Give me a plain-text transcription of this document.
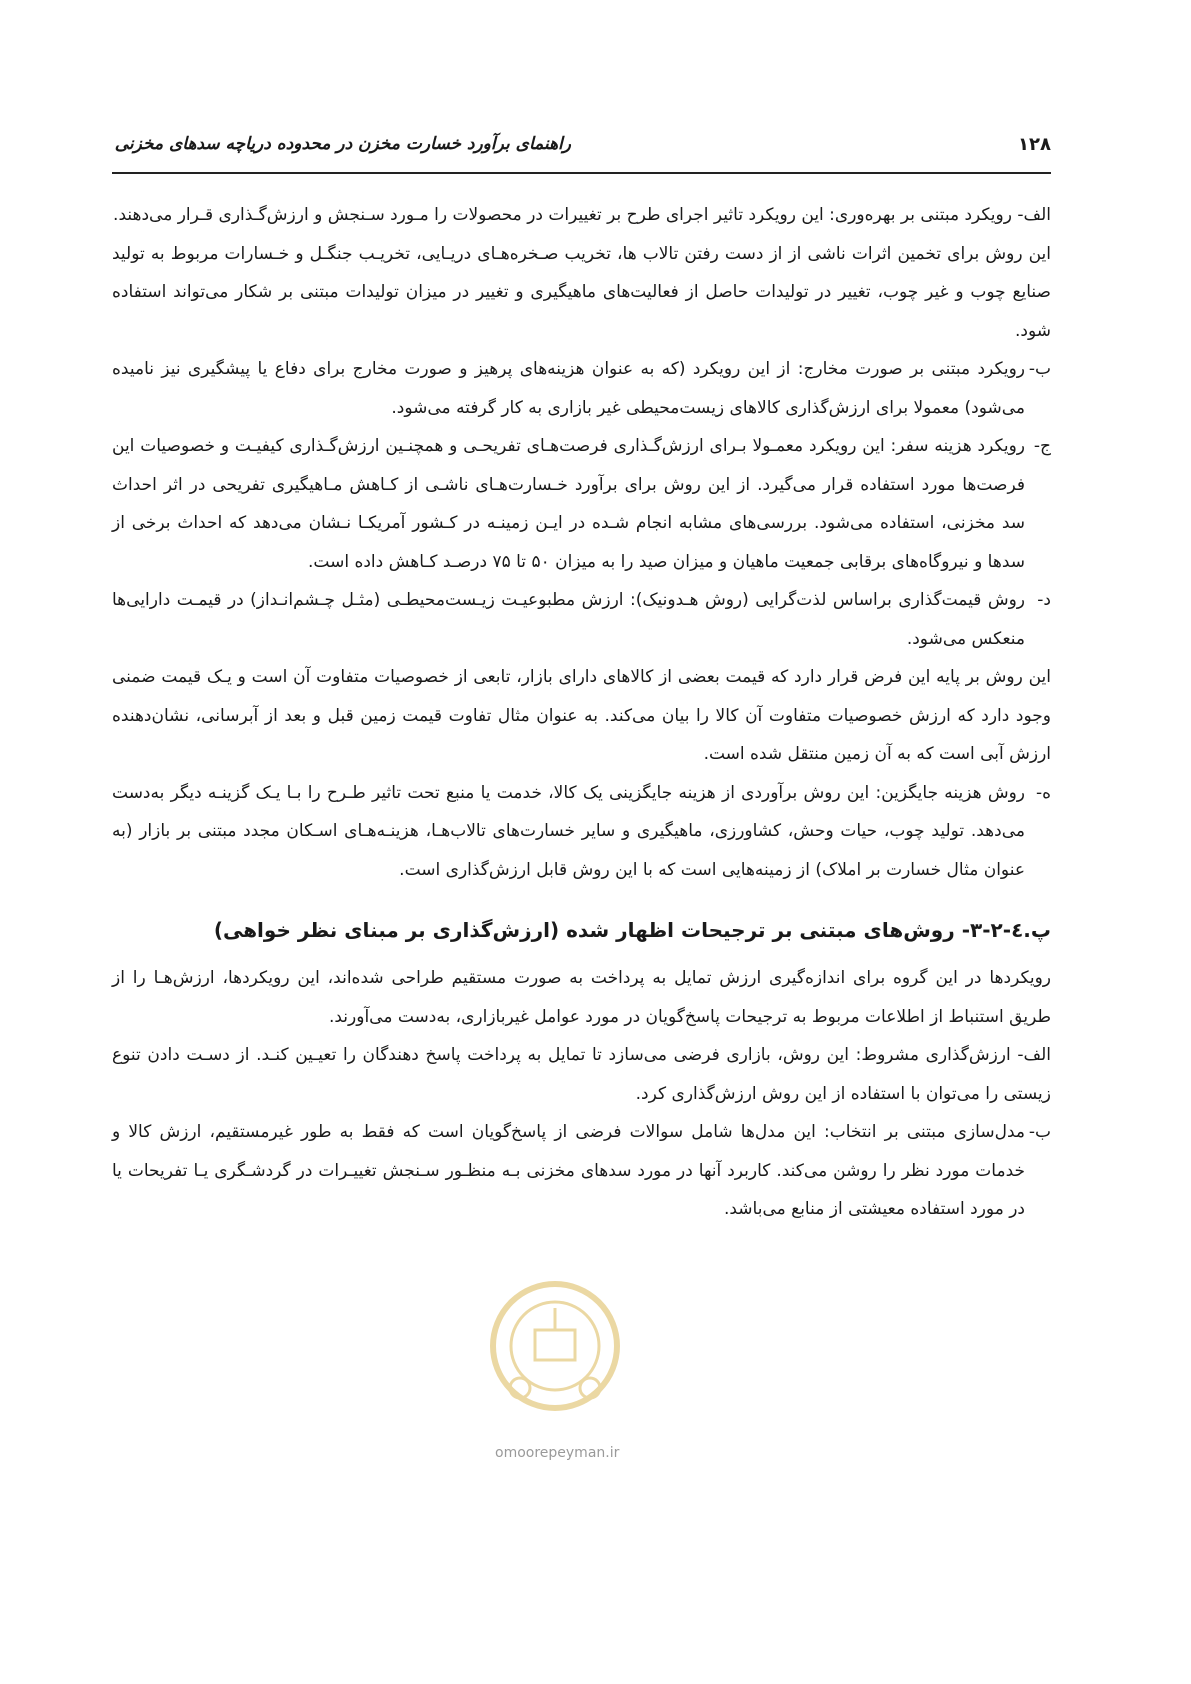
راهنمای برآورد خسارت مخزن در محدوده دریاچه سدهای مخزنی	۱۲۸

الف- رویکرد مبتنی بر بهره‌وری: این رویکرد تاثیر اجرای طرح بر تغییرات در محصولات را مـورد سـنجش و ارزش‌گـذاری قـرار می‌دهند.

این روش برای تخمین اثرات ناشی از از دست رفتن تالاب ها، تخریب صـخره‌هـای دریـایی، تخریـب جنگـل و خـسارات مربوط به تولید صنایع چوب و غیر چوب، تغییر در تولیدات حاصل از فعالیت‌های ماهیگیری و تغییر در میزان تولیدات مبتنی بر شکار می‌تواند استفاده شود.

ب-

رویکرد مبتنی بر صورت مخارج: از این رویکرد (که به عنوان هزینه‌های پرهیز و صورت مخارج برای دفاع یا پیشگیری نیز نامیده می‌شود) معمولا برای ارزش‌گذاری کالاهای زیست‌محیطی غیر بازاری به کار گرفته می‌شود.

ج-

رویکرد هزینه سفر: این رویکرد معمـولا بـرای ارزش‌گـذاری فرصت‌هـای تفریحـی و همچنـین ارزش‌گـذاری کیفیـت و خصوصیات این فرصت‌ها مورد استفاده قرار می‌گیرد. از این روش برای برآورد خـسارت‌هـای ناشـی از کـاهش مـاهیگیری تفریحی در اثر احداث سد مخزنی، استفاده می‌شود. بررسی‌های مشابه انجام شـده در ایـن زمینـه در کـشور آمریکـا نـشان می‌دهد که احداث برخی از سدها و نیروگاه‌های برقابی جمعیت ماهیان و میزان صید را به میزان ۵۰ تا ۷۵ درصـد کـاهش داده است.

د-

روش قیمت‌گذاری براساس لذت‌گرایی (روش هـدونیک): ارزش مطبوعیـت زیـست‌محیطـی (مثـل چـشم‌انـداز) در قیمـت دارایی‌ها منعکس می‌شود.

این روش بر پایه این فرض قرار دارد که قیمت بعضی از کالاهای دارای بازار، تابعی از خصوصیات متفاوت آن است و یـک قیمت ضمنی وجود دارد که ارزش خصوصیات متفاوت آن کالا را بیان می‌کند. به عنوان مثال تفاوت قیمت زمین قبل و بعد از آبرسانی، نشان‌دهنده ارزش آبی است که به آن زمین منتقل شده است.

ه-

روش هزینه جایگزین: این روش برآوردی از هزینه جایگزینی یک کالا، خدمت یا منبع تحت تاثیر طـرح را بـا یـک گزینـه دیگر به‌دست می‌دهد. تولید چوب، حیات وحش، کشاورزی، ماهیگیری و سایر خسارت‌های تالاب‌هـا، هزینـه‌هـای اسـکان مجدد مبتنی بر بازار (به عنوان مثال خسارت بر املاک) از زمینه‌هایی است که با این روش قابل ارزش‌گذاری است.

پ.٤-٢-٣- روش‌های مبتنی بر ترجیحات اظهار شده (ارزش‌گذاری بر مبنای نظر خواهی)

رویکردها در این گروه برای اندازه‌گیری ارزش تمایل به پرداخت به صورت مستقیم طراحی شده‌اند، این رویکردها، ارزش‌هـا را از طریق استنباط از اطلاعات مربوط به ترجیحات پاسخ‌گویان در مورد عوامل غیربازاری، به‌دست می‌آورند.

الف- ارزش‌گذاری مشروط: این روش، بازاری فرضی می‌سازد تا تمایل به پرداخت پاسخ دهندگان را تعیـین کنـد. از دسـت دادن تنوع زیستی را می‌توان با استفاده از این روش ارزش‌گذاری کرد.

ب-

مدل‌سازی مبتنی بر انتخاب: این مدل‌ها شامل سوالات فرضی از پاسخ‌گویان است که فقط به طور غیرمستقیم، ارزش کالا و خدمات مورد نظر را روشن می‌کند. کاربرد آنها در مورد سدهای مخزنی بـه منظـور سـنجش تغییـرات در گردشـگری یـا تفریحات یا در مورد استفاده معیشتی از منابع می‌باشد.

omoorepeyman.ir
